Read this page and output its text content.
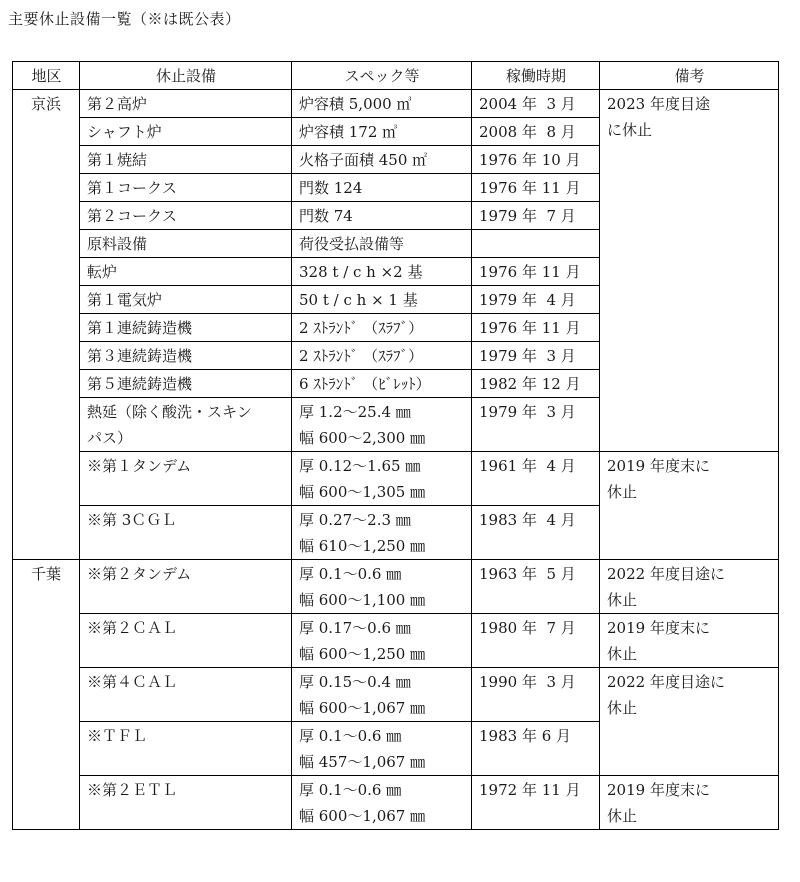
主要休止設備一覧（※は既公表）
地区	休止設備	スペック等	稼働時期	備考
京浜	第２高炉	炉容積 5,000 ㎥	2004 年  3 月	2023 年度目途
に休止

	シャフト炉	炉容積 172 ㎥	2008 年  8 月	

	第１焼結	火格子面積 450 ㎡	1976 年 10 月	

	第１コークス	門数 124	1976 年 11 月	

	第２コークス	門数 74	1979 年  7 月	

	原料設備	荷役受払設備等		

	転炉	328 t / c h ×2 基	1976 年 11 月	

	第１電気炉	50 t / c h × 1 基	1979 年  4 月	

	第１連続鋳造機	2 ｽﾄﾗﾝﾄﾞ （ｽﾗﾌﾞ）	1976 年 11 月	

	第３連続鋳造機	2 ｽﾄﾗﾝﾄﾞ （ｽﾗﾌﾞ）	1979 年  3 月	

	第５連続鋳造機	6 ｽﾄﾗﾝﾄﾞ （ﾋﾞﾚｯﾄ）	1982 年 12 月	

	熱延（除く酸洗・スキン
パス）	厚 1.2～25.4 ㎜
幅 600～2,300 ㎜	1979 年  3 月	

	※第１タンデム	厚 0.12～1.65 ㎜
幅 600～1,305 ㎜	1961 年  4 月	2019 年度末に
休止

	※第 3ＣＧＬ	厚 0.27～2.3 ㎜
幅 610～1,250 ㎜	1983 年  4 月	
千葉	※第２タンデム	厚 0.1～0.6 ㎜
幅 600～1,100 ㎜	1963 年  5 月	2022 年度目途に
休止

	※第２ＣＡＬ	厚 0.17～0.6 ㎜
幅 600～1,250 ㎜	1980 年  7 月	2019 年度末に
休止

	※第４ＣＡＬ	厚 0.15～0.4 ㎜
幅 600～1,067 ㎜	1990 年  3 月	2022 年度目途に
休止

	※ＴＦＬ	厚 0.1～0.6 ㎜
幅 457～1,067 ㎜	1983 年 6 月	

	※第２ＥＴＬ	厚 0.1～0.6 ㎜
幅 600～1,067 ㎜	1972 年 11 月	2019 年度末に
休止
